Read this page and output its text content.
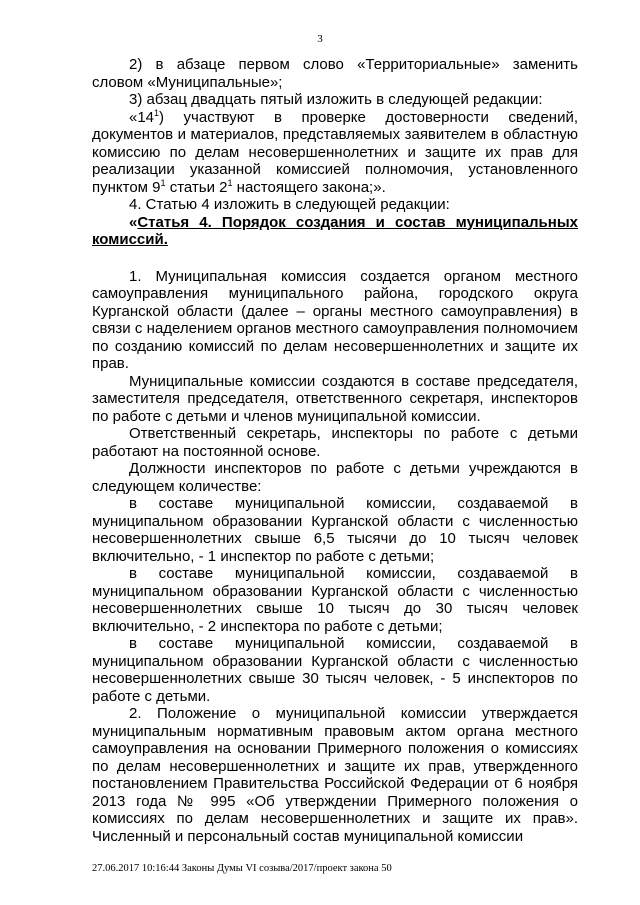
3

2) в абзаце первом слово «Территориальные» заменить словом «Муниципальные»;

3) абзац двадцать пятый изложить в следующей редакции:

«$14^1$) участвуют в проверке достоверности сведений, документов и материалов, представляемых заявителем в областную комиссию по делам несовершеннолетних и защите их прав для реализации указанной комиссией полномочия, установленного пунктом $9^1$ статьи $2^1$ настоящего закона;».

4. Статью 4 изложить в следующей редакции:

«Статья 4. Порядок создания и состав муниципальных комиссий.

1. Муниципальная комиссия создается органом местного самоуправления муниципального района, городского округа Курганской области (далее – органы местного самоуправления) в связи с наделением органов местного самоуправления полномочием по созданию комиссий по делам несовершеннолетних и защите их прав.

Муниципальные комиссии создаются в составе председателя, заместителя председателя, ответственного секретаря, инспекторов по работе с детьми и членов муниципальной комиссии.

Ответственный секретарь, инспекторы по работе с детьми работают на постоянной основе.

Должности инспекторов по работе с детьми учреждаются в следующем количестве:

в составе муниципальной комиссии, создаваемой в муниципальном образовании Курганской области с численностью несовершеннолетних свыше 6,5 тысячи до 10 тысяч человек включительно, - 1 инспектор по работе с детьми;

в составе муниципальной комиссии, создаваемой в муниципальном образовании Курганской области с численностью несовершеннолетних свыше 10 тысяч до 30 тысяч человек включительно, - 2 инспектора по работе с детьми;

в составе муниципальной комиссии, создаваемой в муниципальном образовании Курганской области с численностью несовершеннолетних свыше 30 тысяч человек, - 5 инспекторов по работе с детьми.

2. Положение о муниципальной комиссии утверждается муниципальным нормативным правовым актом органа местного самоуправления на основании Примерного положения о комиссиях по делам несовершеннолетних и защите их прав, утвержденного постановлением Правительства Российской Федерации от 6 ноября 2013 года № 995 «Об утверждении Примерного положения о комиссиях по делам несовершеннолетних и защите их прав». Численный и персональный состав муниципальной комиссии

27.06.2017 10:16:44 Законы Думы VI созыва/2017/проект закона 50
